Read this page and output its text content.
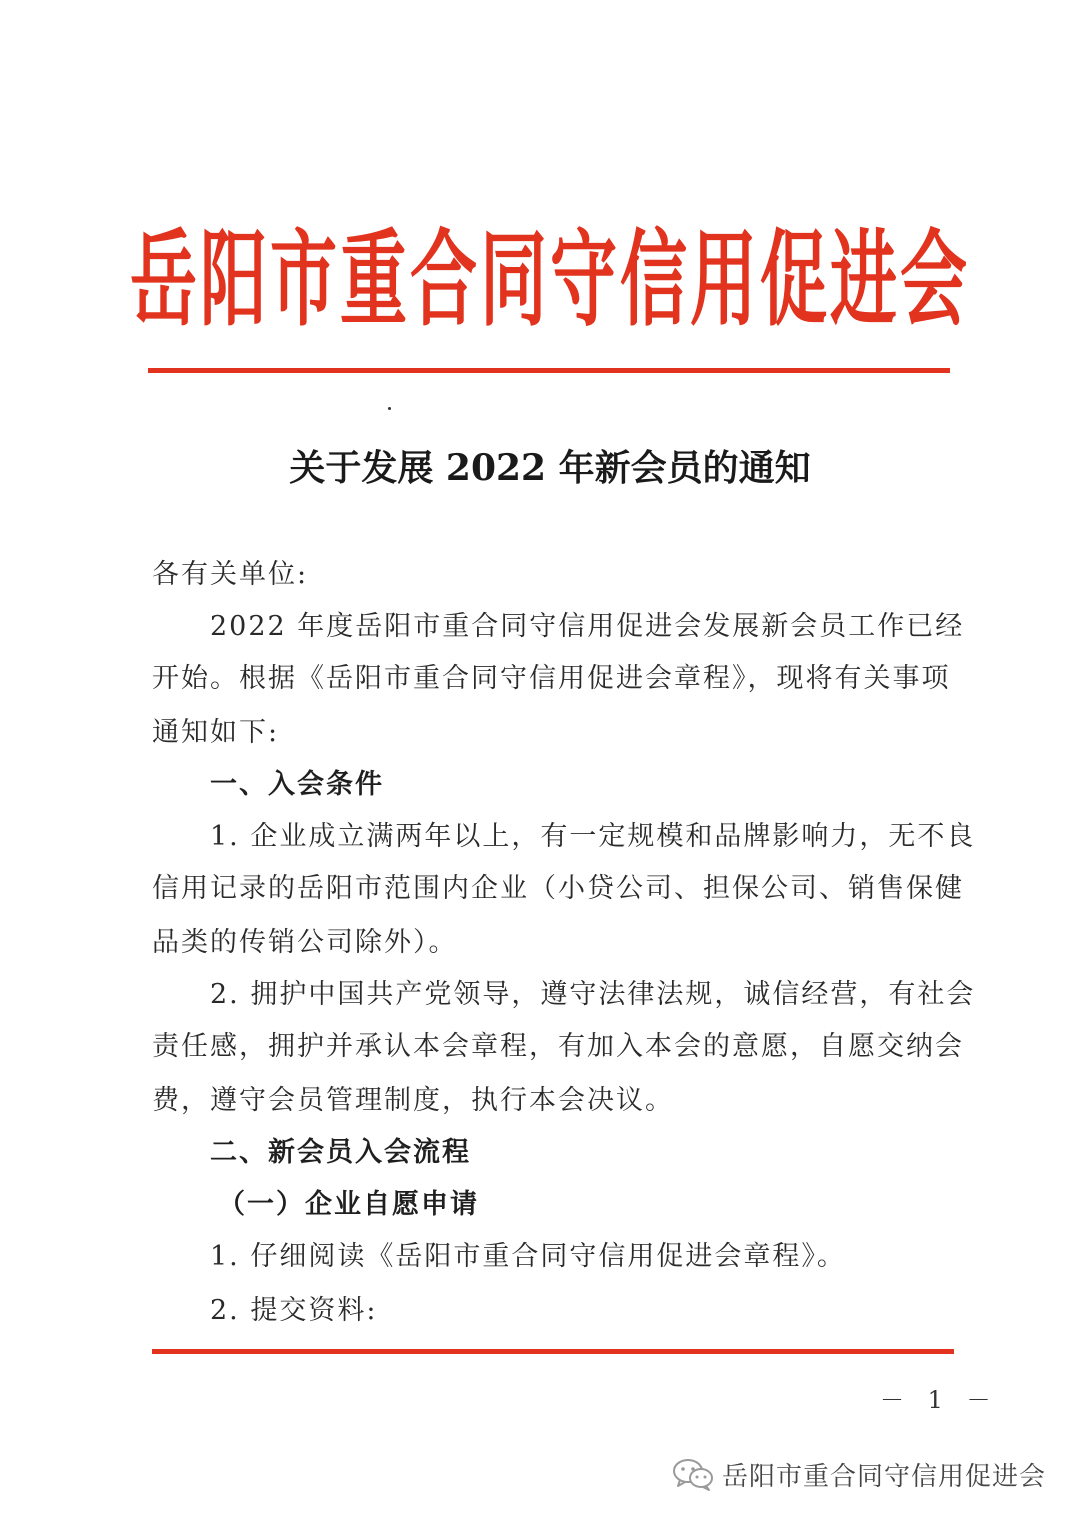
岳阳市重合同守信用促进会
关于发展 2022 年新会员的通知
各有关单位:
2022 年度岳阳市重合同守信用促进会发展新会员工作已经
开始。根据《岳阳市重合同守信用促进会章程》，现将有关事项
通知如下:
一、入会条件
1. 企业成立满两年以上，有一定规模和品牌影响力，无不良
信用记录的岳阳市范围内企业（小贷公司、担保公司、销售保健
品类的传销公司除外）。
2. 拥护中国共产党领导，遵守法律法规，诚信经营，有社会
责任感，拥护并承认本会章程，有加入本会的意愿，自愿交纳会
费，遵守会员管理制度，执行本会决议。
二、新会员入会流程
（一）企业自愿申请
1. 仔细阅读《岳阳市重合同守信用促进会章程》。
2. 提交资料:
－ 1 －
岳阳市重合同守信用促进会
